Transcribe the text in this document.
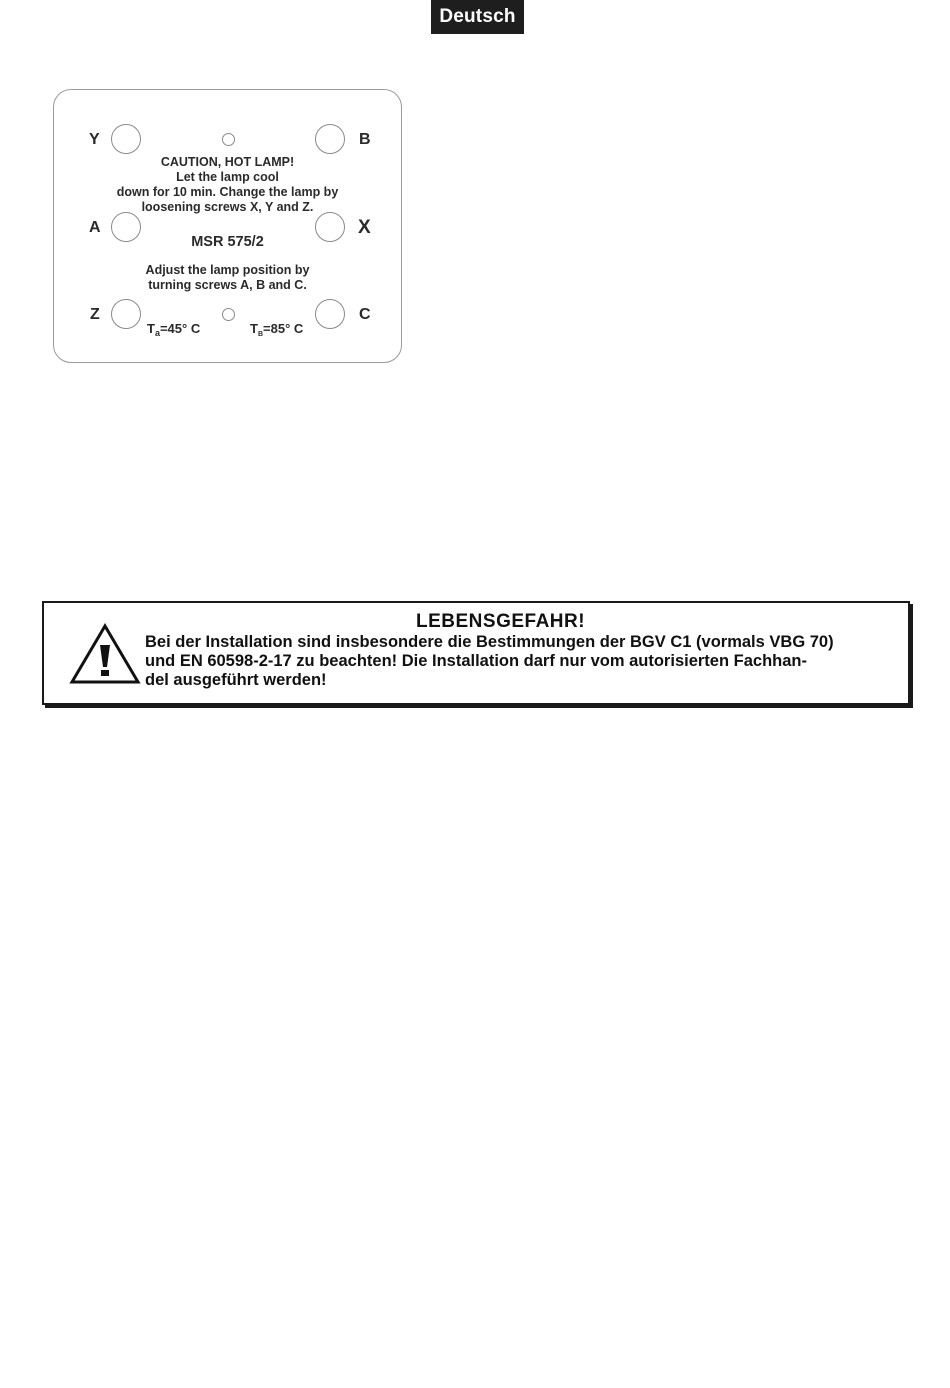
Deutsch
Y	B
CAUTION, HOT LAMP!
Let the lamp cool
down for 10 min. Change the lamp by
loosening screws X, Y and Z.
A	X
MSR 575/2
Adjust the lamp position by
turning screws A, B and C.
Z	C
$T_a=45^\circ$ C	$T_B=85^\circ$ C
LEBENSGEFAHR!
Bei der Installation sind insbesondere die Bestimmungen der BGV C1 (vormals VBG 70)
und EN 60598-2-17 zu beachten! Die Installation darf nur vom autorisierten Fachhan-
del ausgeführt werden!
